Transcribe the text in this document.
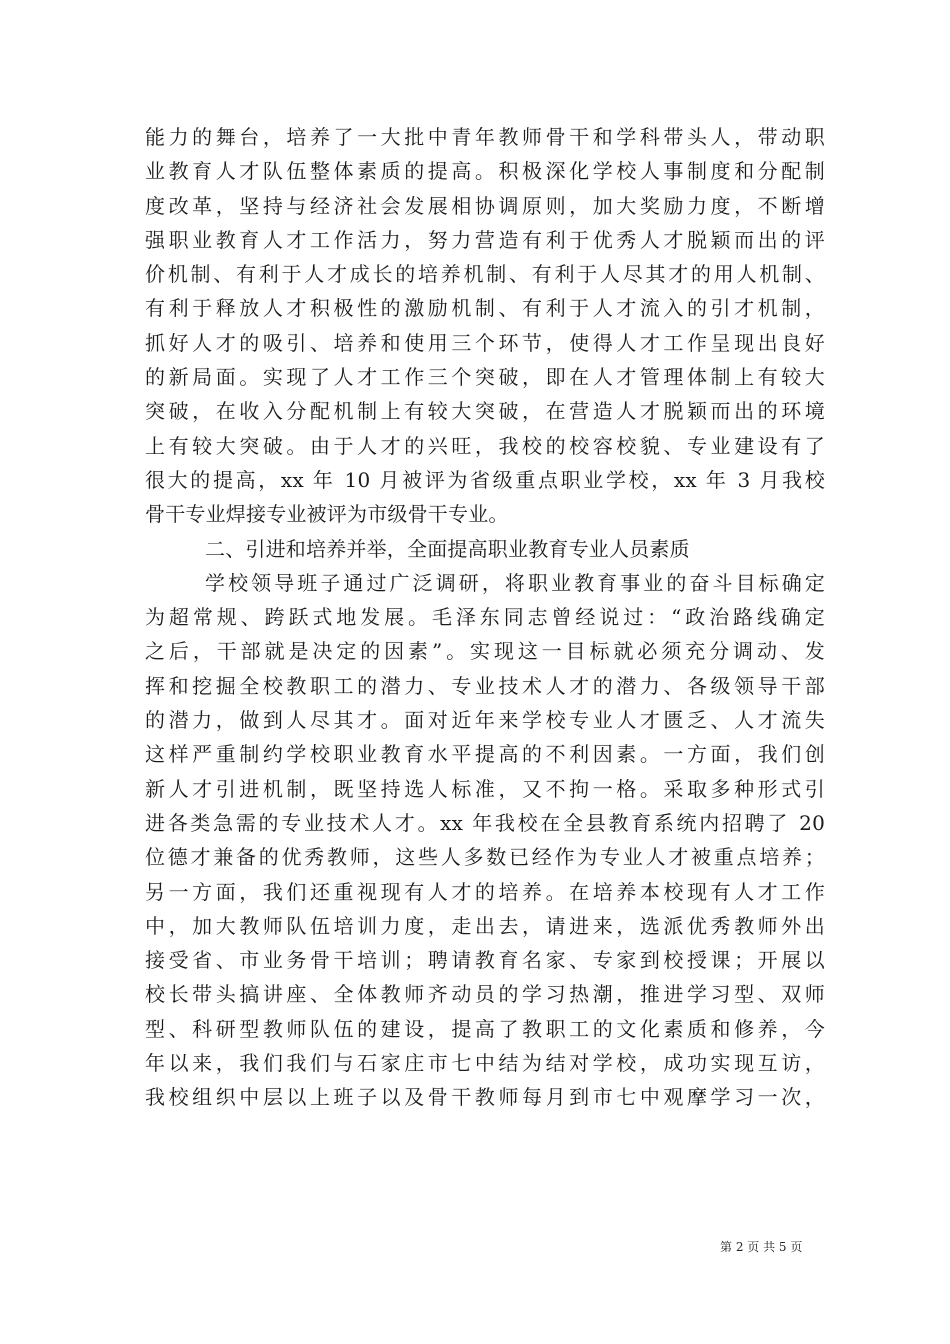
能力的舞台，培养了一大批中青年教师骨干和学科带头人，带动职
业教育人才队伍整体素质的提高。积极深化学校人事制度和分配制
度改革，坚持与经济社会发展相协调原则，加大奖励力度，不断增
强职业教育人才工作活力，努力营造有利于优秀人才脱颖而出的评
价机制、有利于人才成长的培养机制、有利于人尽其才的用人机制、
有利于释放人才积极性的激励机制、有利于人才流入的引才机制，
抓好人才的吸引、培养和使用三个环节，使得人才工作呈现出良好
的新局面。实现了人才工作三个突破，即在人才管理体制上有较大
突破，在收入分配机制上有较大突破，在营造人才脱颖而出的环境
上有较大突破。由于人才的兴旺，我校的校容校貌、专业建设有了
很大的提高，xx 年 10 月被评为省级重点职业学校，xx 年 3 月我校
骨干专业焊接专业被评为市级骨干专业。
二、引进和培养并举，全面提高职业教育专业人员素质
学校领导班子通过广泛调研，将职业教育事业的奋斗目标确定
为超常规、跨跃式地发展。毛泽东同志曾经说过：“政治路线确定
之后，干部就是决定的因素”。实现这一目标就必须充分调动、发
挥和挖掘全校教职工的潜力、专业技术人才的潜力、各级领导干部
的潜力，做到人尽其才。面对近年来学校专业人才匮乏、人才流失
这样严重制约学校职业教育水平提高的不利因素。一方面，我们创
新人才引进机制，既坚持选人标准，又不拘一格。采取多种形式引
进各类急需的专业技术人才。xx 年我校在全县教育系统内招聘了 20
位德才兼备的优秀教师，这些人多数已经作为专业人才被重点培养；
另一方面，我们还重视现有人才的培养。在培养本校现有人才工作
中，加大教师队伍培训力度，走出去，请进来，选派优秀教师外出
接受省、市业务骨干培训；聘请教育名家、专家到校授课；开展以
校长带头搞讲座、全体教师齐动员的学习热潮，推进学习型、双师
型、科研型教师队伍的建设，提高了教职工的文化素质和修养，今
年以来，我们我们与石家庄市七中结为结对学校，成功实现互访，
我校组织中层以上班子以及骨干教师每月到市七中观摩学习一次，
第 2 页 共 5 页
